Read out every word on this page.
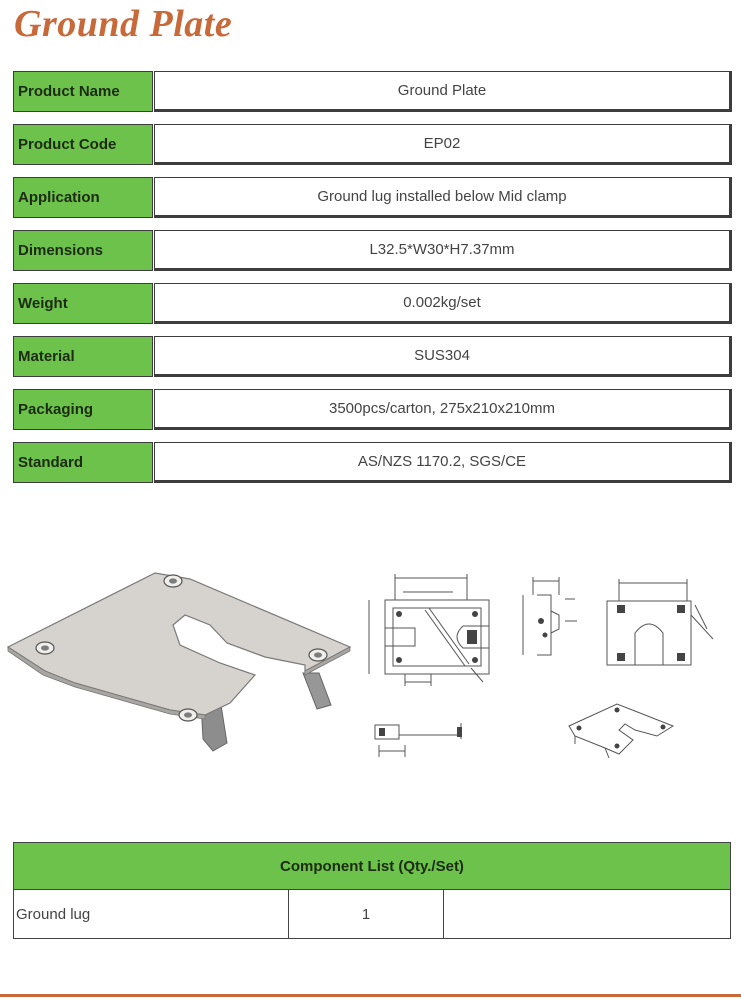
Ground Plate
Product Name	Ground Plate
Product Code	EP02
Application	Ground lug installed below Mid clamp
Dimensions	L32.5*W30*H7.37mm
Weight	0.002kg/set
Material	SUS304
Packaging	3500pcs/carton, 275x210x210mm
Standard	AS/NZS 1170.2, SGS/CE
Component List (Qty./Set)
Ground lug	1	
